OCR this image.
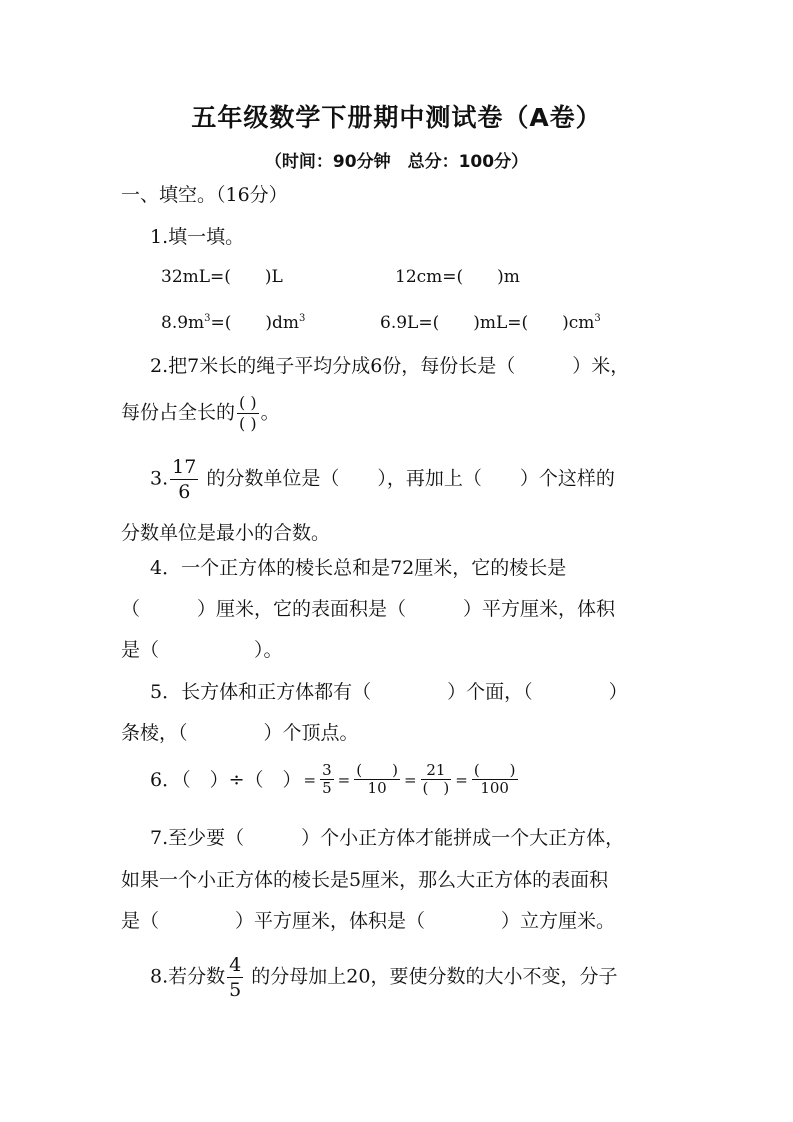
五年级数学下册期中测试卷（A卷）
（时间：90分钟　总分：100分）
一、填空。（16分）
1.填一填。
32mL=(　　)L	12cm=(　　)m
$8.9m^3=$(　　)$dm^3$	6.9L=(　　)mL=(　　)$cm^3$
2.把7米长的绳子平均分成6份，每份长是（　　　）米，
每份占全长的 $\frac{( )}{( )}$ 。
3. $\frac{17}{6}$ 的分数单位是（　　），再加上（　　）个这样的
分数单位是最小的合数。
4．一个正方体的棱长总和是72厘米，它的棱长是
（　　　）厘米，它的表面积是（　　　）平方厘米，体积
是（　　　　　）。
5．长方体和正方体都有（　　　　）个面，（　　　　）
条棱，（　　　　）个顶点。
6．（　）÷（　） = $\frac{3}{5} = \frac{( )}{10} = \frac{21}{( )} = \frac{( )}{100}$
7.至少要（　　　）个小正方体才能拼成一个大正方体，
如果一个小正方体的棱长是5厘米，那么大正方体的表面积
是（　　　　）平方厘米，体积是（　　　　）立方厘米。
8.若分数 $\frac{4}{5}$ 的分母加上20，要使分数的大小不变，分子
